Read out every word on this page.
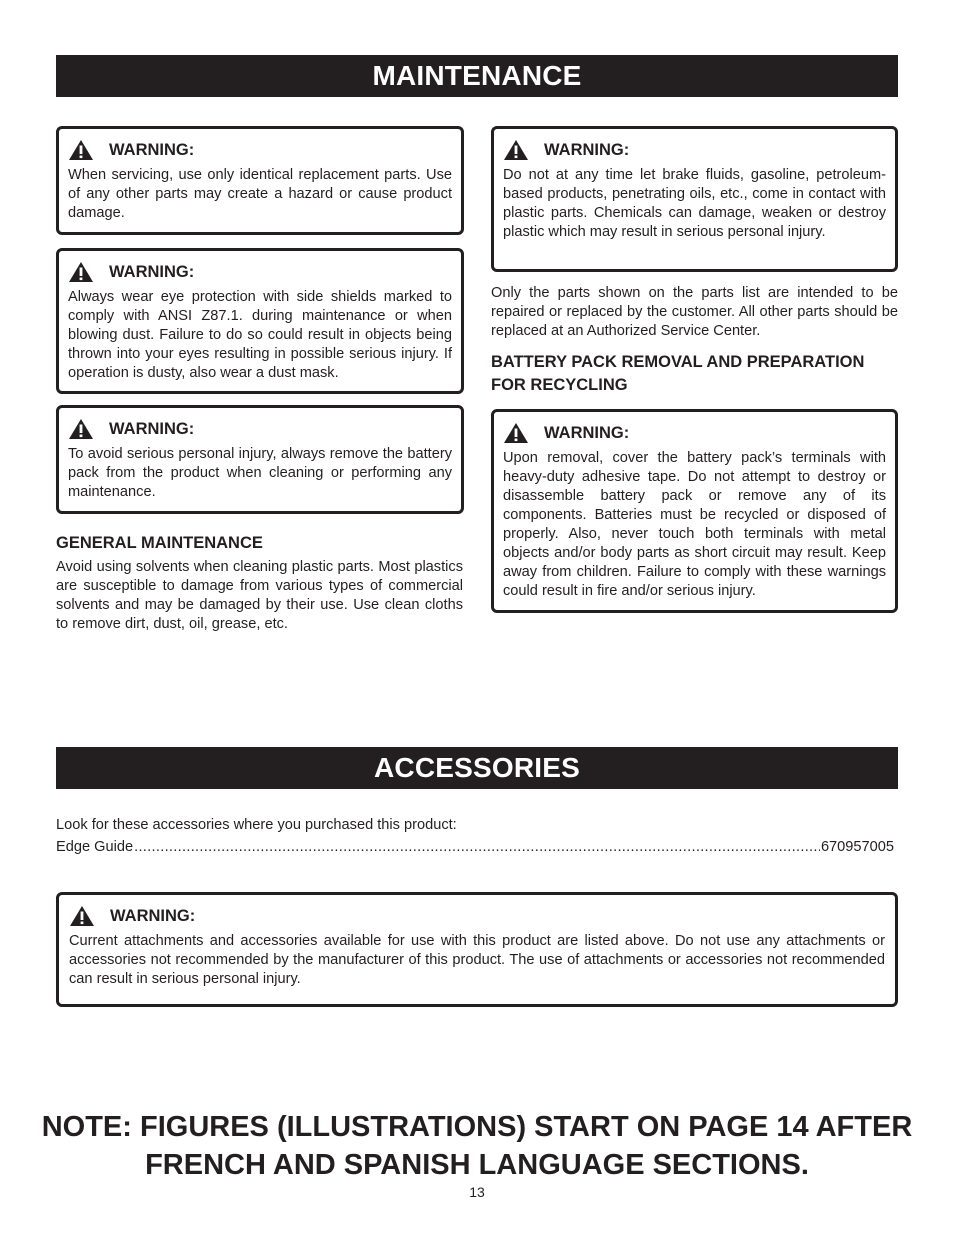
MAINTENANCE
WARNING:
When servicing, use only identical replacement parts. Use of any other parts may create a hazard or cause product damage.
WARNING:
Always wear eye protection with side shields marked to comply with ANSI Z87.1. during maintenance or when blowing dust. Failure to do so could result in objects being thrown into your eyes resulting in possible serious injury. If operation is dusty, also wear a dust mask.
WARNING:
To avoid serious personal injury, always remove the battery pack from the product when cleaning or performing any maintenance.
GENERAL MAINTENANCE
Avoid using solvents when cleaning plastic parts. Most plastics are susceptible to damage from various types of commercial solvents and may be damaged by their use. Use clean cloths to remove dirt, dust, oil, grease, etc.
WARNING:
Do not at any time let brake fluids, gasoline, petroleum-based products, penetrating oils, etc., come in contact with plastic parts. Chemicals can damage, weaken or destroy plastic which may result in serious personal injury.
Only the parts shown on the parts list are intended to be repaired or replaced by the customer. All other parts should be replaced at an Authorized Service Center.
BATTERY PACK REMOVAL AND PREPARATION
FOR RECYCLING
WARNING:
Upon removal, cover the battery pack’s terminals with heavy-duty adhesive tape. Do not attempt to destroy or disassemble battery pack or remove any of its components. Batteries must be recycled or disposed of properly. Also, never touch both terminals with metal objects and/or body parts as short circuit may result. Keep away from children. Failure to comply with these warnings could result in fire and/or serious injury.
ACCESSORIES
Look for these accessories where you purchased this product:
Edge Guide
.....	670957005
WARNING:
Current attachments and accessories available for use with this product are listed above. Do not use any attachments or accessories not recommended by the manufacturer of this product. The use of attachments or accessories not recommended can result in serious personal injury.
NOTE: FIGURES (ILLUSTRATIONS) START ON PAGE 14 AFTER
FRENCH AND SPANISH LANGUAGE SECTIONS.
13
